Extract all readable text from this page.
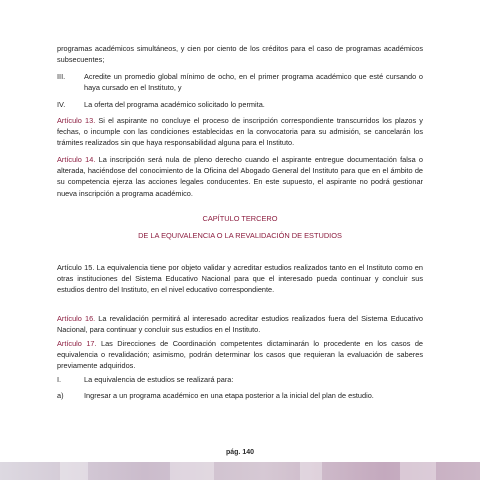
programas académicos simultáneos, y cien por ciento de los créditos para el caso de programas académicos subsecuentes;
III.	Acredite un promedio global mínimo de ocho, en el primer programa académico que esté cursando o haya cursado en el Instituto, y
IV.	La oferta del programa académico solicitado lo permita.
Artículo 13. Si el aspirante no concluye el proceso de inscripción correspondiente transcurridos los plazos y fechas, o incumple con las condiciones establecidas en la convocatoria para su admisión, se cancelarán los trámites realizados sin que haya responsabilidad alguna para el Instituto.
Artículo 14. La inscripción será nula de pleno derecho cuando el aspirante entregue documentación falsa o alterada, haciéndose del conocimiento de la Oficina del Abogado General del Instituto para que en el ámbito de su competencia ejerza las acciones legales conducentes. En este supuesto, el aspirante no podrá gestionar nueva inscripción a programa académico.
CAPÍTULO TERCERO
DE LA EQUIVALENCIA O LA REVALIDACIÓN DE ESTUDIOS
Artículo 15. La equivalencia tiene por objeto validar y acreditar estudios realizados tanto en el Instituto como en otras instituciones del Sistema Educativo Nacional para que el interesado pueda continuar y concluir sus estudios dentro del Instituto, en el nivel educativo correspondiente.
Artículo 16. La revalidación permitirá al interesado acreditar estudios realizados fuera del Sistema Educativo Nacional, para continuar y concluir sus estudios en el Instituto.
Artículo 17. Las Direcciones de Coordinación competentes dictaminarán lo procedente en los casos de equivalencia o revalidación; asimismo, podrán determinar los casos que requieran la evaluación de saberes previamente adquiridos.
I.	La equivalencia de estudios se realizará para:
a)	Ingresar a un programa académico en una etapa posterior a la inicial del plan de estudio.
pág. 140
